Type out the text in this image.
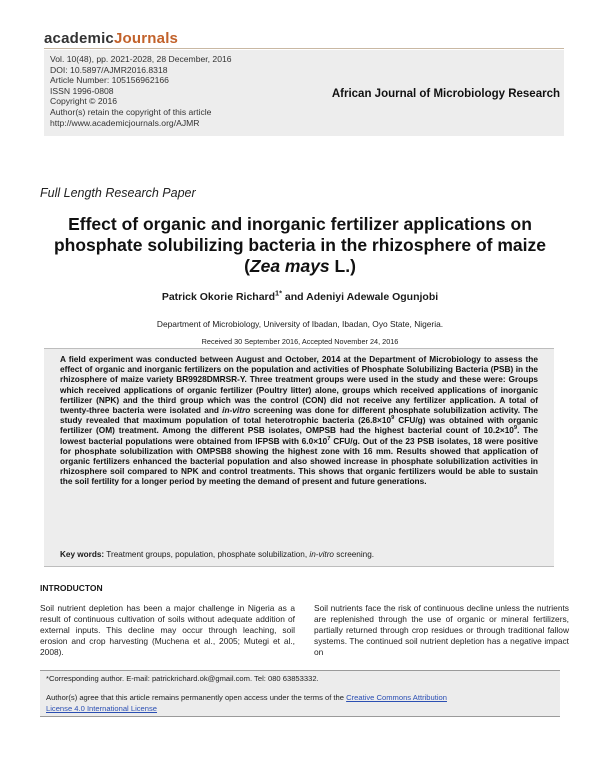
academicJournals
Vol. 10(48), pp. 2021-2028, 28 December, 2016
DOI: 10.5897/AJMR2016.8318
Article Number: 105156962166
ISSN 1996-0808
Copyright © 2016
Author(s) retain the copyright of this article
http://www.academicjournals.org/AJMR
African Journal of Microbiology Research
Full Length Research Paper
Effect of organic and inorganic fertilizer applications on phosphate solubilizing bacteria in the rhizosphere of maize (Zea mays L.)
Patrick Okorie Richard$^{1*}$ and Adeniyi Adewale Ogunjobi
Department of Microbiology, University of Ibadan, Ibadan, Oyo State, Nigeria.
Received 30 September 2016, Accepted November 24, 2016
A field experiment was conducted between August and October, 2014 at the Department of Microbiology to assess the effect of organic and inorganic fertilizers on the population and activities of Phosphate Solubilizing Bacteria (PSB) in the rhizosphere of maize variety BR9928DMRSR-Y. Three treatment groups were used in the study and these were: Groups which received applications of organic fertilizer (Poultry litter) alone, groups which received applications of inorganic fertilizer (NPK) and the third group which was the control (CON) did not receive any fertilizer application. A total of twenty-three bacteria were isolated and in-vitro screening was done for different phosphate solubilization activity. The study revealed that maximum population of total heterotrophic bacteria ($26.8\times 10^9$ CFU/g) was obtained with organic fertilizer (OM) treatment. Among the different PSB isolates, OMPSB had the highest bacterial count of $10.2\times 10^9$. The lowest bacterial populations were obtained from IFPSB with $6.0\times 10^7$ CFU/g. Out of the 23 PSB isolates, 18 were positive for phosphate solubilization with OMPSB8 showing the highest zone with 16 mm. Results showed that application of organic fertilizers enhanced the bacterial population and also showed increase in phosphate solubilization activities in rhizosphere soil compared to NPK and control treatments. This shows that organic fertilizers would be able to sustain the soil fertility for a longer period by meeting the demand of present and future generations.
Key words: Treatment groups, population, phosphate solubilization, in-vitro screening.
INTRODUCTON
Soil nutrient depletion has been a major challenge in Nigeria as a result of continuous cultivation of soils without adequate addition of external inputs. This decline may occur through leaching, soil erosion and crop harvesting (Muchena et al., 2005; Mutegi et al., 2008).
Soil nutrients face the risk of continuous decline unless the nutrients are replenished through the use of organic or mineral fertilizers, partially returned through crop residues or through traditional fallow systems. The continued soil nutrient depletion has a negative impact on
*Corresponding author. E-mail: patrickrichard.ok@gmail.com. Tel: 080 63853332.
Author(s) agree that this article remains permanently open access under the terms of the Creative Commons Attribution
License 4.0 International License
